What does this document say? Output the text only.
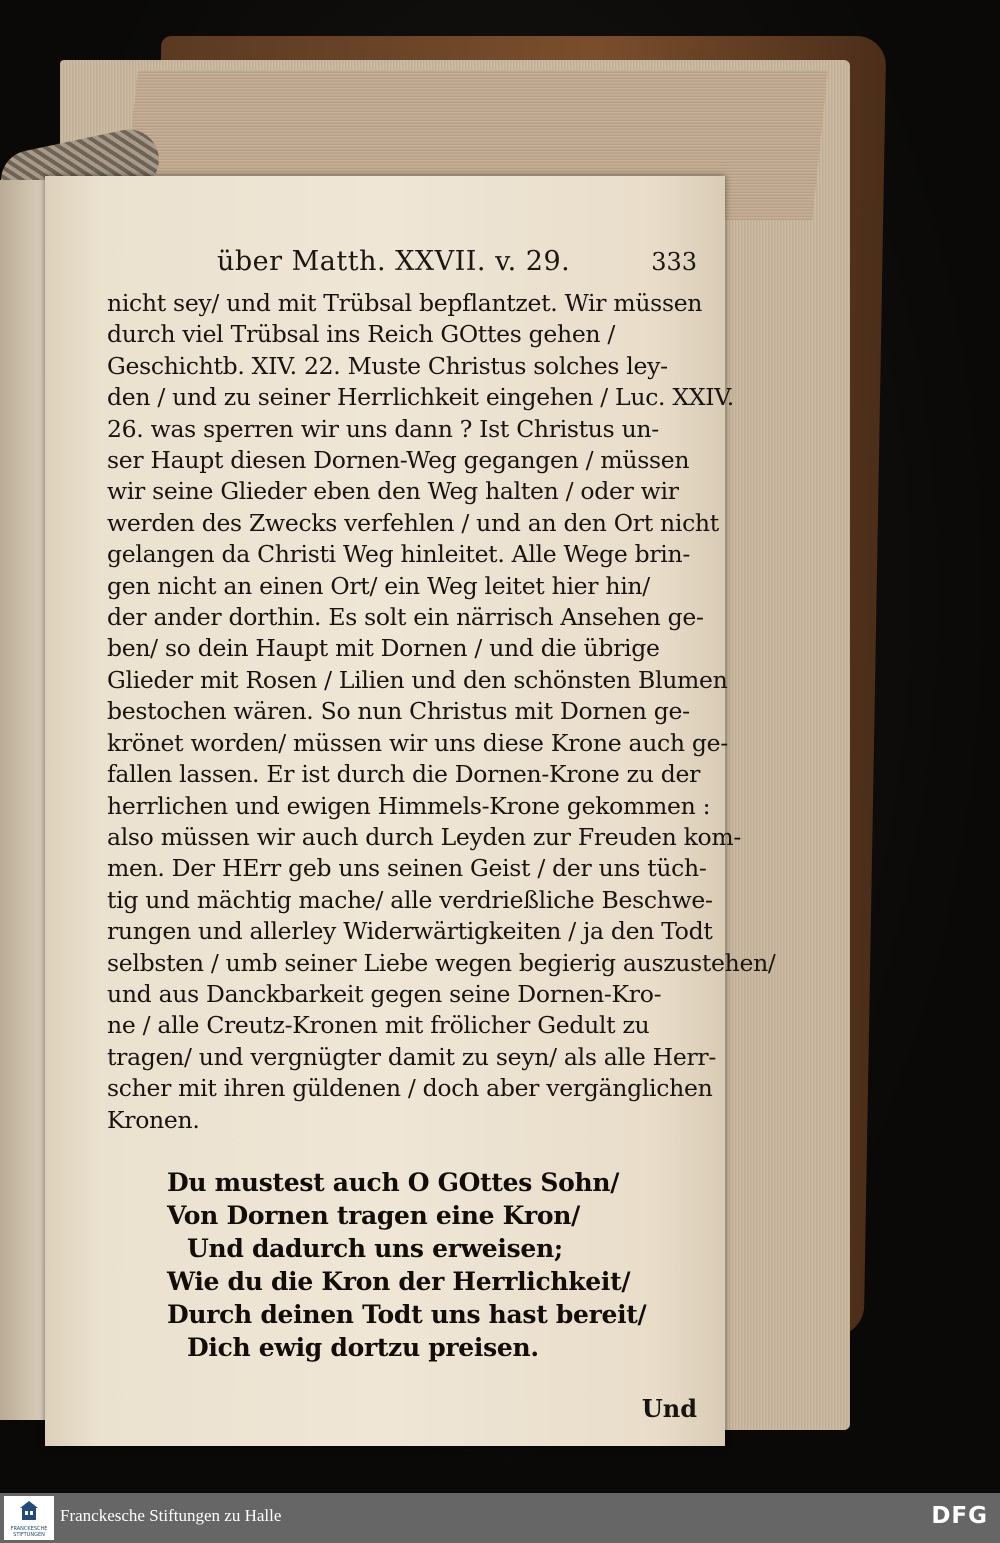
über Matth. XXVII. v. 29.	333
nicht sey/ und mit Trübsal bepflantzet. Wir müssen
durch viel Trübsal ins Reich GOttes gehen /
Geschichtb. XIV. 22. Muste Christus solches ley-
den / und zu seiner Herrlichkeit eingehen / Luc. XXIV.
26. was sperren wir uns dann ? Ist Christus un-
ser Haupt diesen Dornen-Weg gegangen / müssen
wir seine Glieder eben den Weg halten / oder wir
werden des Zwecks verfehlen / und an den Ort nicht
gelangen da Christi Weg hinleitet. Alle Wege brin-
gen nicht an einen Ort/ ein Weg leitet hier hin/
der ander dorthin. Es solt ein närrisch Ansehen ge-
ben/ so dein Haupt mit Dornen / und die übrige
Glieder mit Rosen / Lilien und den schönsten Blumen
bestochen wären. So nun Christus mit Dornen ge-
krönet worden/ müssen wir uns diese Krone auch ge-
fallen lassen. Er ist durch die Dornen-Krone zu der
herrlichen und ewigen Himmels-Krone gekommen :
also müssen wir auch durch Leyden zur Freuden kom-
men. Der HErr geb uns seinen Geist / der uns tüch-
tig und mächtig mache/ alle verdrießliche Beschwe-
rungen und allerley Widerwärtigkeiten / ja den Todt
selbsten / umb seiner Liebe wegen begierig auszustehen/
und aus Danckbarkeit gegen seine Dornen-Kro-
ne / alle Creutz-Kronen mit frölicher Gedult zu
tragen/ und vergnügter damit zu seyn/ als alle Herr-
scher mit ihren güldenen / doch aber vergänglichen
Kronen.
Du mustest auch O GOttes Sohn/
Von Dornen tragen eine Kron/
Und dadurch uns erweisen;
Wie du die Kron der Herrlichkeit/
Durch deinen Todt uns hast bereit/
Dich ewig dortzu preisen.
Und
FRANCKESCHE STIFTUNGEN
Franckesche Stiftungen zu Halle	DFG
